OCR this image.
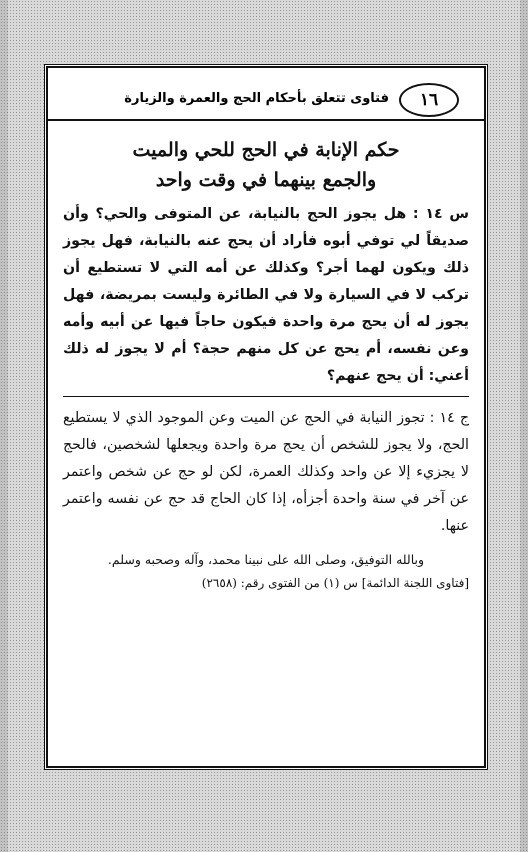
١٦
فتاوى تتعلق بأحكام الحج والعمرة والزيارة
حكم الإنابة في الحج للحي والميت
والجمع بينهما في وقت واحد

س ١٤ : هل يجوز الحج بالنيابة، عن المتوفى والحي؟ وأن صديقاً لي توفي أبوه فأراد أن يحج عنه بالنيابة، فهل يجوز ذلك ويكون لهما أجر؟ وكذلك عن أمه التي لا تستطيع أن تركب لا في السيارة ولا في الطائرة وليست بمريضة، فهل يجوز له أن يحج مرة واحدة فيكون حاجاً فيها عن أبيه وأمه وعن نفسه، أم يحج عن كل منهم حجة؟ أم لا يجوز له ذلك أعني: أن يحج عنهم؟

ج ١٤ : تجوز النيابة في الحج عن الميت وعن الموجود الذي لا يستطيع الحج، ولا يجوز للشخص أن يحج مرة واحدة ويجعلها لشخصين، فالحج لا يجزيء إلا عن واحد وكذلك العمرة، لكن لو حج عن شخص واعتمر عن آخر في سنة واحدة أجزأه، إذا كان الحاج قد حج عن نفسه واعتمر عنها.

وبالله التوفيق، وصلى الله على نبينا محمد، وآله وصحبه وسلم.

[فتاوى اللجنة الدائمة] س (١) من الفتوى رقم: (٢٦٥٨)
